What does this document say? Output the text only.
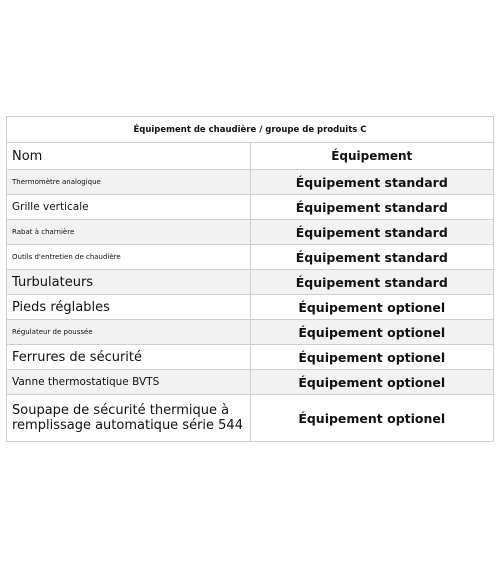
Équipement de chaudière / groupe de produits C	
Nom	Équipement
Thermomètre analogique	Équipement standard
Grille verticale	Équipement standard
Rabat à charnière	Équipement standard
Outils d'entretien de chaudière	Équipement standard
Turbulateurs	Équipement standard
Pieds réglables	Équipement optionel
Régulateur de poussée	Équipement optionel
Ferrures de sécurité	Équipement optionel
Vanne thermostatique BVTS	Équipement optionel
Soupape de sécurité thermique à remplissage automatique série 544	Équipement optionel
